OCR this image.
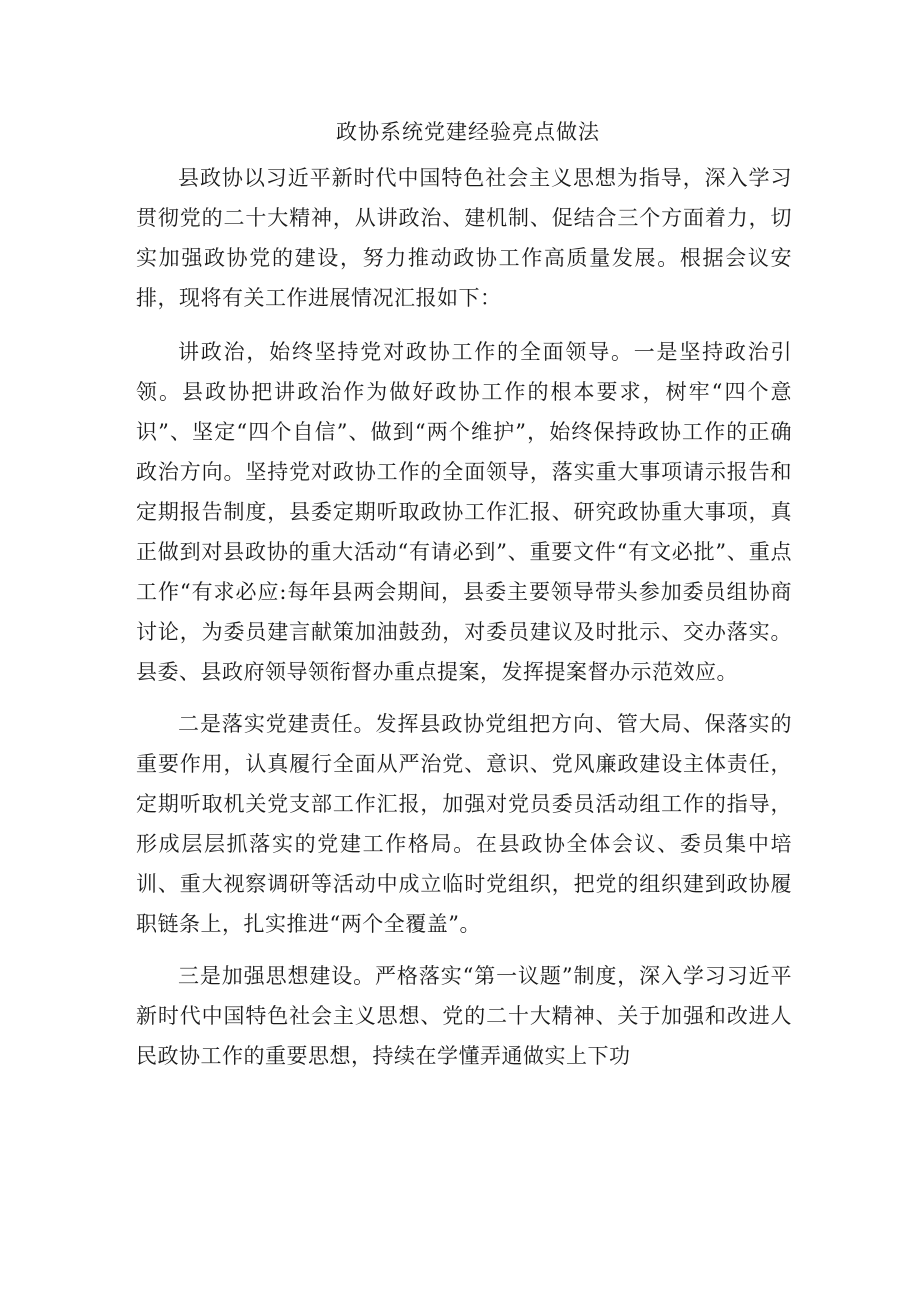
政协系统党建经验亮点做法

县政协以习近平新时代中国特色社会主义思想为指导，深入学习贯彻党的二十大精神，从讲政治、建机制、促结合三个方面着力，切实加强政协党的建设，努力推动政协工作高质量发展。根据会议安排，现将有关工作进展情况汇报如下：

讲政治，始终坚持党对政协工作的全面领导。一是坚持政治引领。县政协把讲政治作为做好政协工作的根本要求，树牢“四个意识”、坚定“四个自信”、做到“两个维护”，始终保持政协工作的正确政治方向。坚持党对政协工作的全面领导，落实重大事项请示报告和定期报告制度，县委定期听取政协工作汇报、研究政协重大事项，真正做到对县政协的重大活动“有请必到”、重要文件“有文必批”、重点工作“有求必应:每年县两会期间，县委主要领导带头参加委员组协商讨论，为委员建言献策加油鼓劲，对委员建议及时批示、交办落实。县委、县政府领导领衔督办重点提案，发挥提案督办示范效应。

二是落实党建责任。发挥县政协党组把方向、管大局、保落实的重要作用，认真履行全面从严治党、意识、党风廉政建设主体责任，定期听取机关党支部工作汇报，加强对党员委员活动组工作的指导，形成层层抓落实的党建工作格局。在县政协全体会议、委员集中培训、重大视察调研等活动中成立临时党组织，把党的组织建到政协履职链条上，扎实推进“两个全覆盖”。

三是加强思想建设。严格落实“第一议题”制度，深入学习习近平新时代中国特色社会主义思想、党的二十大精神、关于加强和改进人民政协工作的重要思想，持续在学懂弄通做实上下功
